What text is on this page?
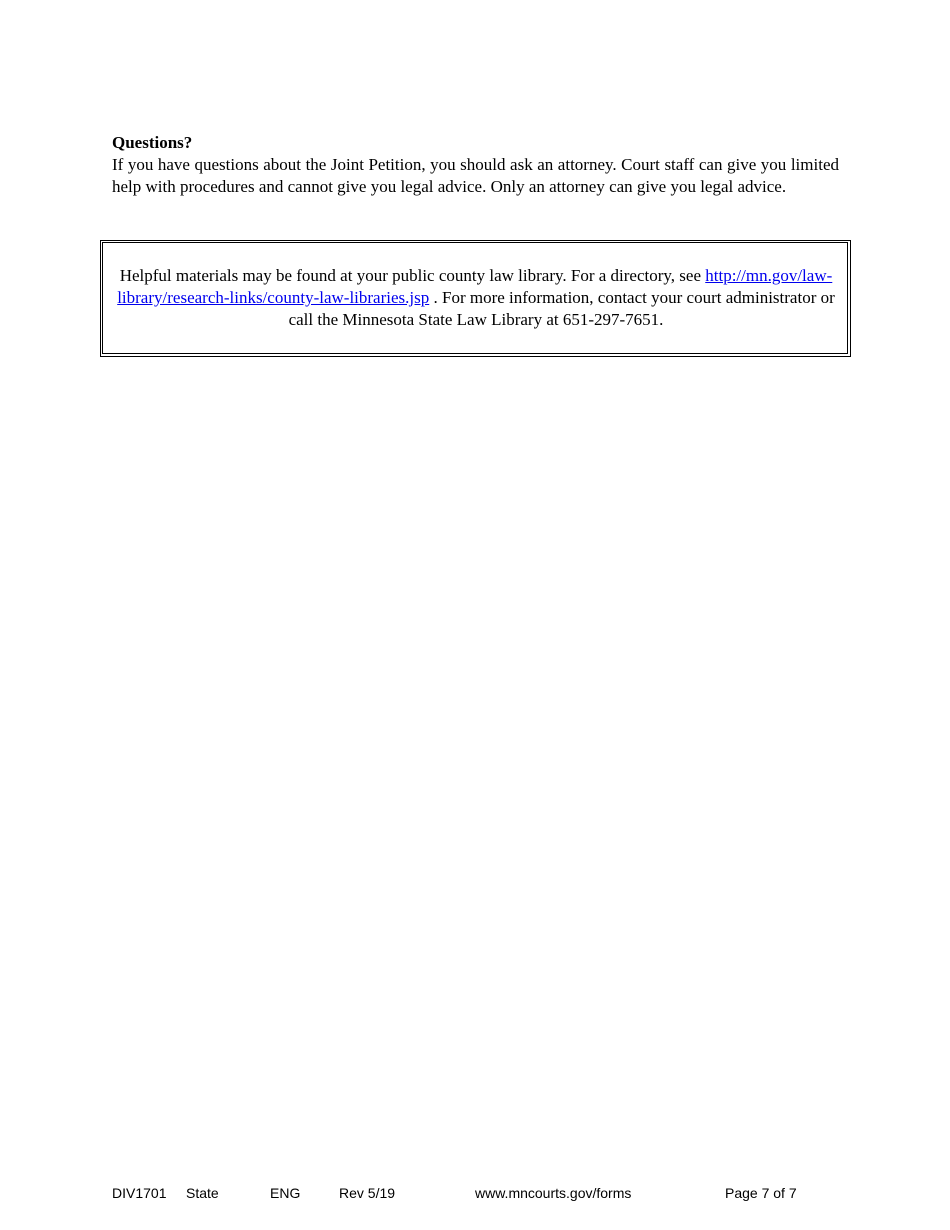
Questions?

If you have questions about the Joint Petition, you should ask an attorney. Court staff can give you limited help with procedures and cannot give you legal advice. Only an attorney can give you legal advice.

Helpful materials may be found at your public county law library. For a directory, see http://mn.gov/law-library/research-links/county-law-libraries.jsp . For more information, contact your court administrator or call the Minnesota State Law Library at 651-297-7651.

DIV1701 State	ENG	Rev 5/19	www.mncourts.gov/forms	Page 7 of 7
